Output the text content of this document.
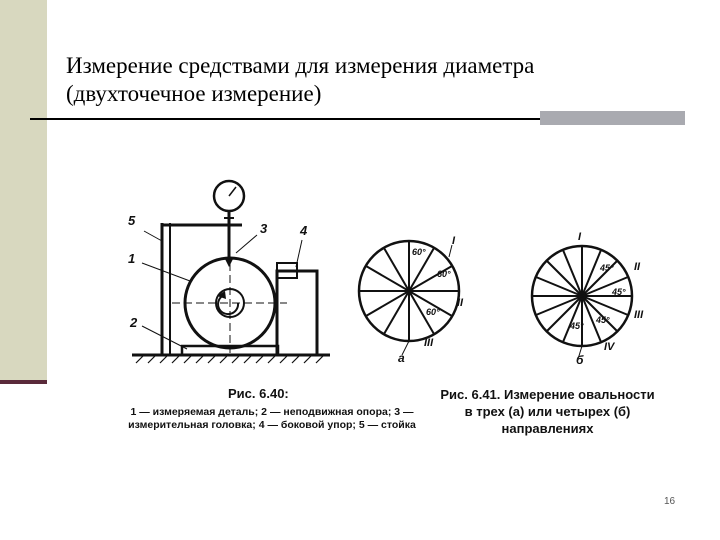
Измерение средствами для измерения диаметра
(двухточечное измерение)
5
1
2
3	4
I
II
III
a
60°
60°
60°
I
II
III
IV
б
45°
45°
45°
45°
Рис. 6.40:
1 — измеряемая деталь; 2 — неподвижная опора; 3 — измерительная головка; 4 — боковой упор; 5 — стойка
Рис. 6.41. Измерение овальности в трех (а) или четырех (б) направлениях
16
